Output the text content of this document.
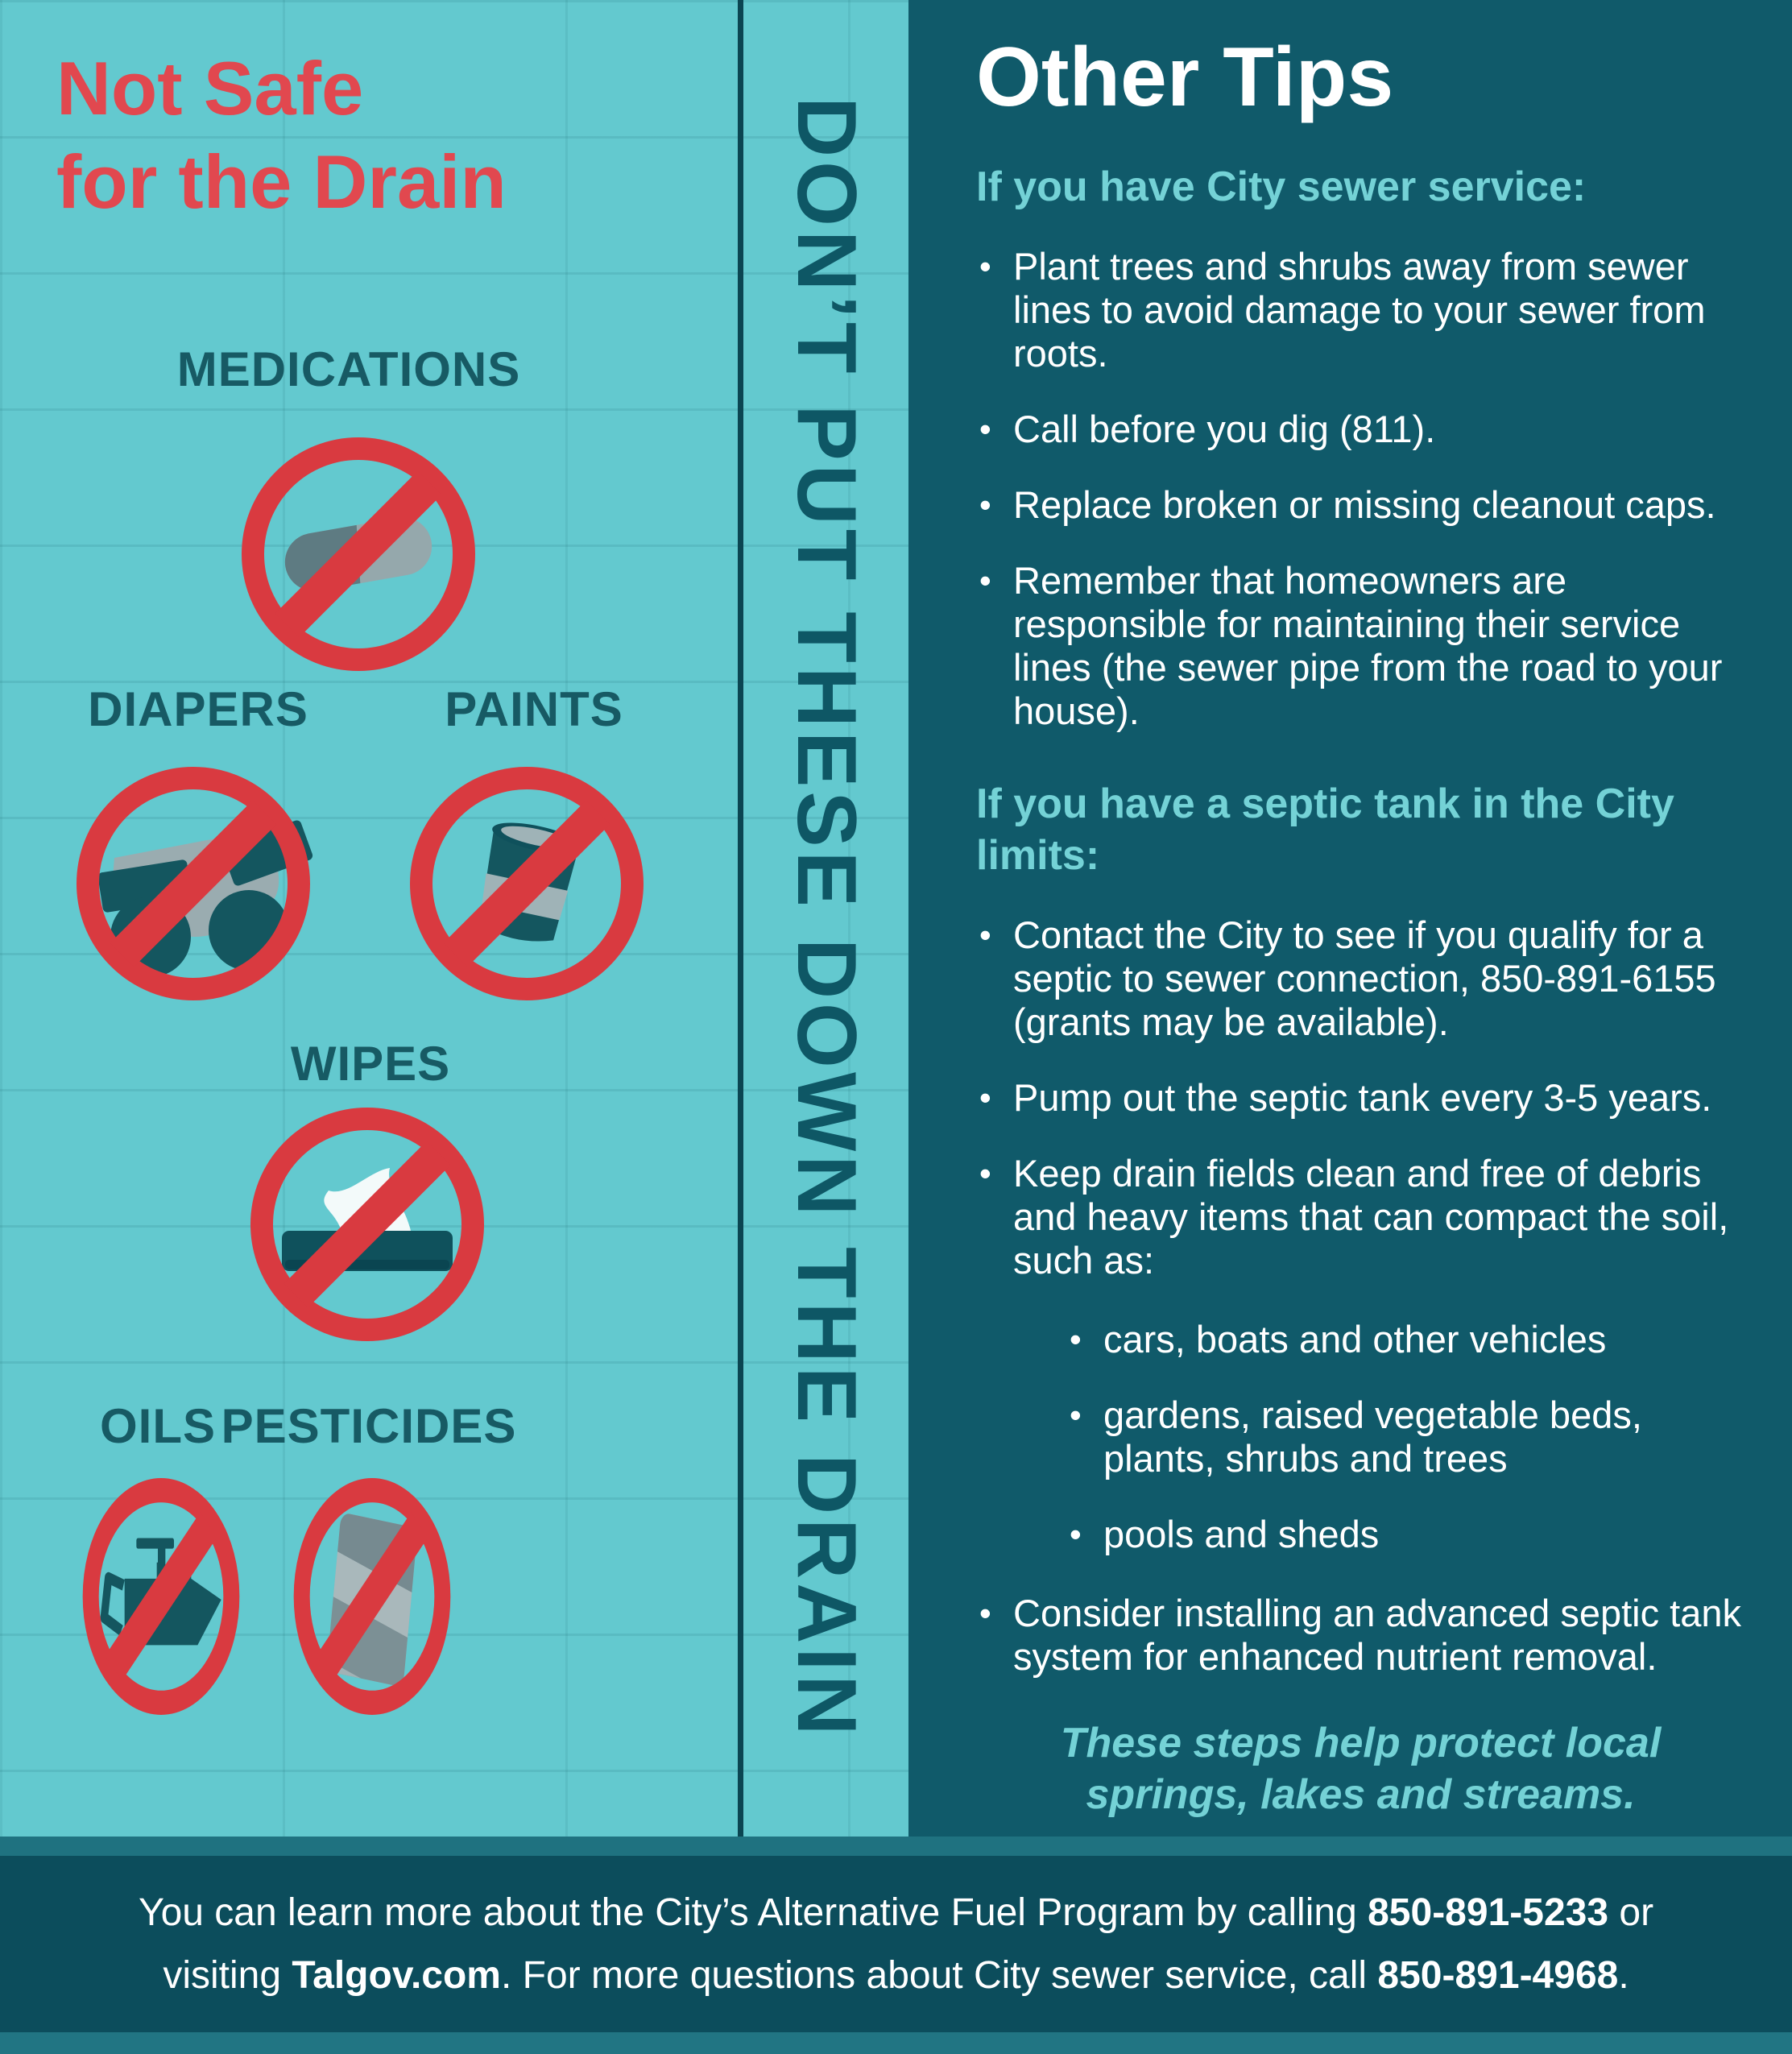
Not Safe
for the Drain
MEDICATIONS
DIAPERS	PAINTS
WIPES
OILS PESTICIDES	DON’T PUT THESE DOWN THE DRAIN
Other Tips

If you have City sewer service:

• Plant trees and shrubs away from sewer lines to avoid damage to your sewer from roots.
• Call before you dig (811).
• Replace broken or missing cleanout caps.
• Remember that homeowners are responsible for maintaining their service lines (the sewer pipe from the road to your house).

If you have a septic tank in the City limits:

• Contact the City to see if you qualify for a septic to sewer connection, 850-891-6155 (grants may be available).
• Pump out the septic tank every 3-5 years.
• Keep drain fields clean and free of debris and heavy items that can compact the soil, such as:
• cars, boats and other vehicles
• gardens, raised vegetable beds, plants, shrubs and trees
• pools and sheds
• Consider installing an advanced septic tank system for enhanced nutrient removal.

These steps help protect local springs, lakes and streams.

You can learn more about the City’s Alternative Fuel Program by calling 850-891-5233 or visiting Talgov.com. For more questions about City sewer service, call 850-891-4968.
